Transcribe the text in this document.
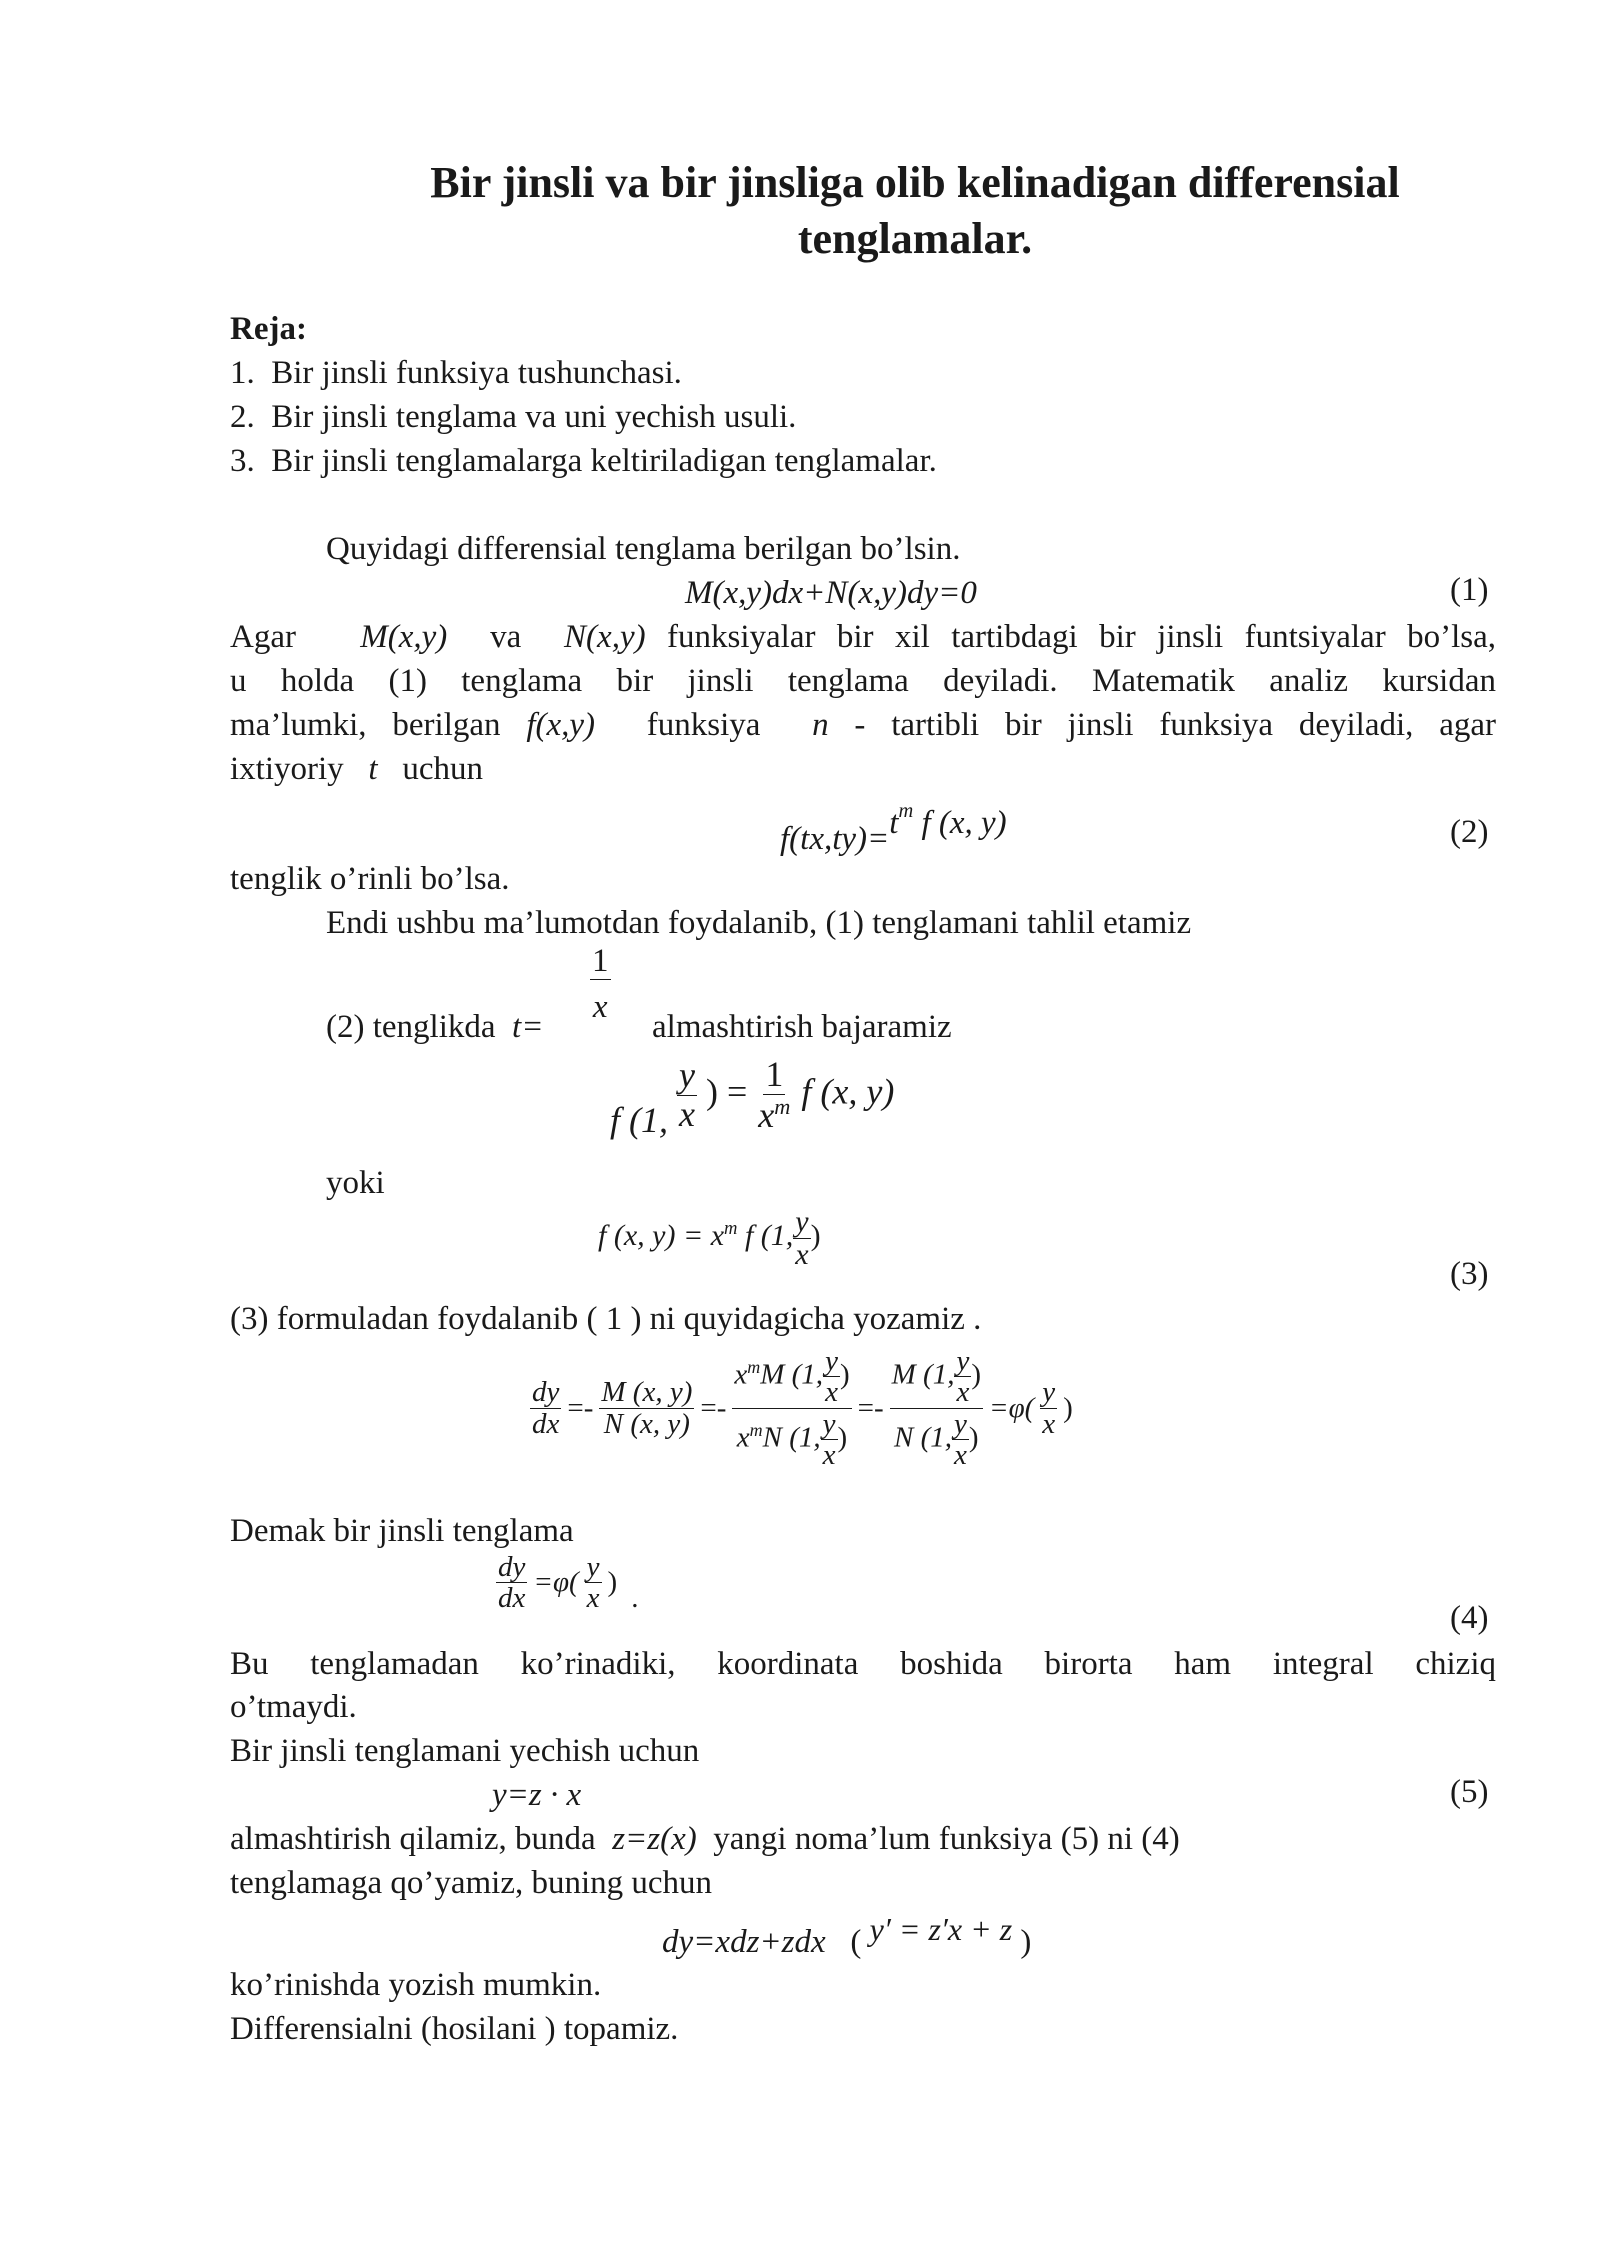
Bir jinsli va bir jinsliga olib kelinadigan differensial
tenglamalar.
Reja:
1. Bir jinsli funksiya tushunchasi.
2. Bir jinsli tenglama va uni yechish usuli.
3. Bir jinsli tenglamalarga keltiriladigan tenglamalar.
Quyidagi differensial tenglama berilgan bo’lsin.
M(x,y)dx+N(x,y)dy=0	(1)
Agar M(x,y) va N(x,y) funksiyalar bir xil tartibdagi bir jinsli funtsiyalar bo’lsa,
u holda (1) tenglama bir jinsli tenglama deyiladi. Matematik analiz kursidan
ma’lumki, berilgan f(x,y) funksiya n - tartibli bir jinsli funksiya deyiladi, agar
ixtiyoriy t uchun
$f(tx,ty)=t^m$ f (x, y)	(2)
tenglik o’rinli bo’lsa.
Endi ushbu ma’lumotdan foydalanib, (1) tenglamani tahlil etamiz
(2) tenglikda t=
$\frac{1}{x}$
almashtirish bajaramiz
f (1, $\frac{y}{x}$ ) = $\frac{1}{x^m}$ f (x, y)
yoki
f (x, $y) = x^m$ f (1, $\frac{y}{x}$ )
(3)
(3) formuladan foydalanib ( 1 ) ni quyidagicha yozamiz .
$\frac{dy}{dx} =- \frac{M (x, y)}{N (x, y)} =- \frac{x^mM (1, \frac{y}{x} )}{x^mN (1, \frac{y}{x} )} =- \frac{M (1, \frac{y}{x} )}{N (1, \frac{y}{x} )} =\varphi( \frac{y}{x}$ )
Demak bir jinsli tenglama
$\frac{dy}{dx} =\varphi( \frac{y}{x}$ ) .
(4)
Bu tenglamadan ko’rinadiki, koordinata boshida birorta ham integral chiziq
o’tmaydi.
Bir jinsli tenglamani yechish uchun
y=z · x	(5)
almashtirish qilamiz, bunda z=z(x) yangi noma’lum funksiya (5) ni (4)
tenglamaga qo’yamiz, buning uchun
dy=xdz+zdx ( y′ = z′x + z )
ko’rinishda yozish mumkin.
Differensialni (hosilani ) topamiz.
